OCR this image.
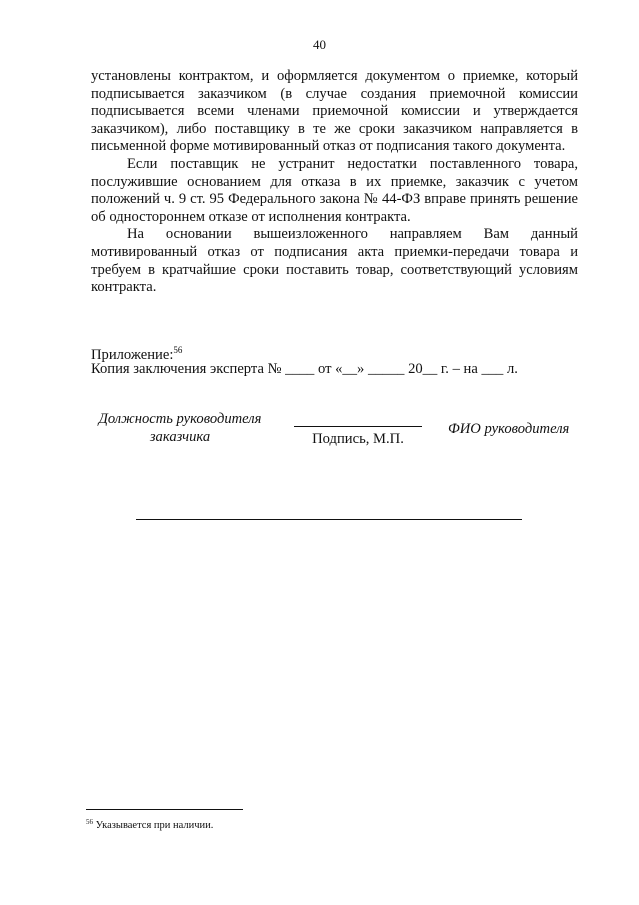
40

установлены контрактом, и оформляется документом о приемке, который подписывается заказчиком (в случае создания приемочной комиссии подписывается всеми членами приемочной комиссии и утверждается заказчиком), либо поставщику в те же сроки заказчиком направляется в письменной форме мотивированный отказ от подписания такого документа.

Если поставщик не устранит недостатки поставленного товара, послужившие основанием для отказа в их приемке, заказчик с учетом положений ч. 9 ст. 95 Федерального закона № 44-ФЗ вправе принять решение об одностороннем отказе от исполнения контракта.

На основании вышеизложенного направляем Вам данный мотивированный отказ от подписания акта приемки-передачи товара и требуем в кратчайшие сроки поставить товар, соответствующий условиям контракта.

Приложение:$^{56}$
Копия заключения эксперта № ____ от «__» _____ 20__ г. – на ___ л.
Должность руководителя
заказчика	Подпись, М.П.
ФИО руководителя
$^{56}$ Указывается при наличии.
